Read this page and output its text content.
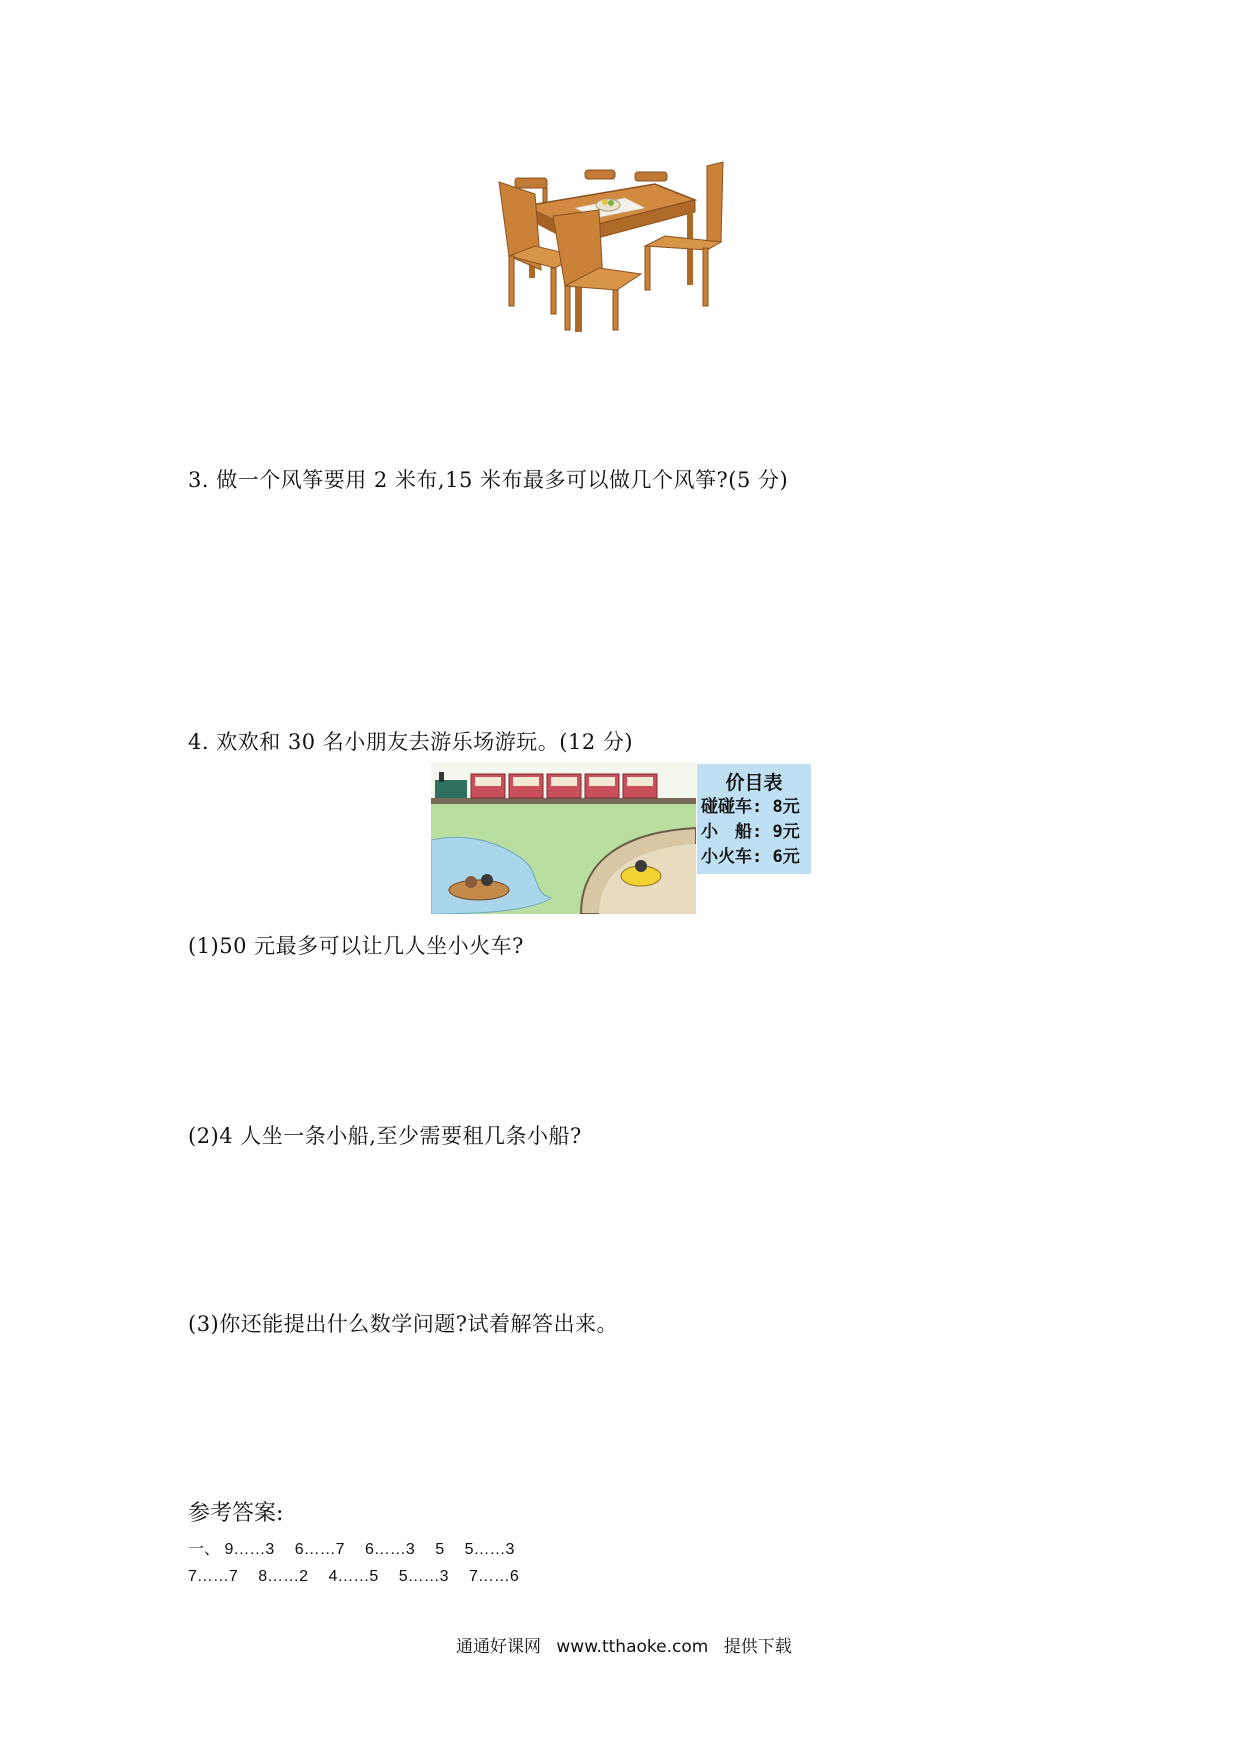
3. 做一个风筝要用 2 米布,15 米布最多可以做几个风筝?(5 分)
4. 欢欢和 30 名小朋友去游乐场游玩。(12 分)
价目表
碰碰车: 8元
小　船: 9元
小火车: 6元
(1)50 元最多可以让几人坐小火车?
(2)4 人坐一条小船,至少需要租几条小船?
(3)你还能提出什么数学问题?试着解答出来。
参考答案:
一、 9……3 6……7 6……3 5 5……3
7……7 8……2 4……5 5……3 7……6
通通好课网 www.tthaoke.com 提供下载
